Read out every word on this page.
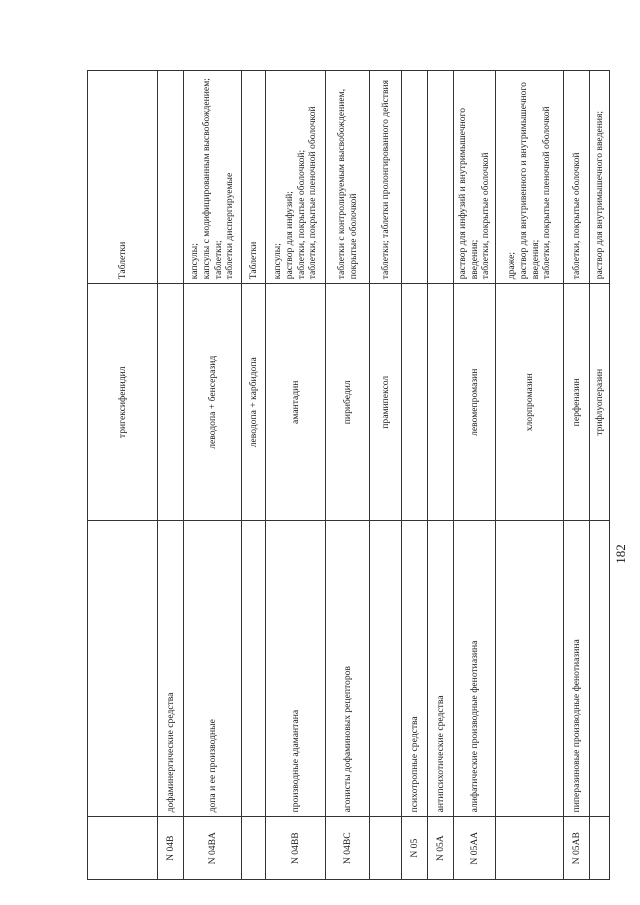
		тригексифенидил	Таблетки
N 04B	дофаминергические средства		
N 04BA	допа и ее производные	леводопа + бенсеразид	капсулы; капсулы с модифицированным высвобождением; таблетки; таблетки диспергируемые

		леводопа + карбидопа	Таблетки

N 04BB	производные адамантана	амантадин	капсулы; раствор для инфузий; таблетки, покрытые оболочкой; таблетки, покрытые пленочной оболочкой

N 04BC	агонисты дофаминовых рецепторов	пирибедил	таблетки с контролируемым высвобождением, покрытые оболочкой

		прамипексол	таблетки; таблетки пролонгированного действия

N 05	психотропные средства		
N 05A	антипсихотические средства		
N 05AA	алифатические производные фенотиазина	левомепромазин	раствор для инфузий и внутримышечного введения; таблетки, покрытые оболочкой

		хлорпромазин	драже; раствор для внутривенного и внутримышечного введения; таблетки, покрытые пленочной оболочкой

N 05AB	пиперазиновые производные фенотиазина	перфеназин	таблетки, покрытые оболочкой

		трифлуоперазин	раствор для внутримышечного введения;
182
